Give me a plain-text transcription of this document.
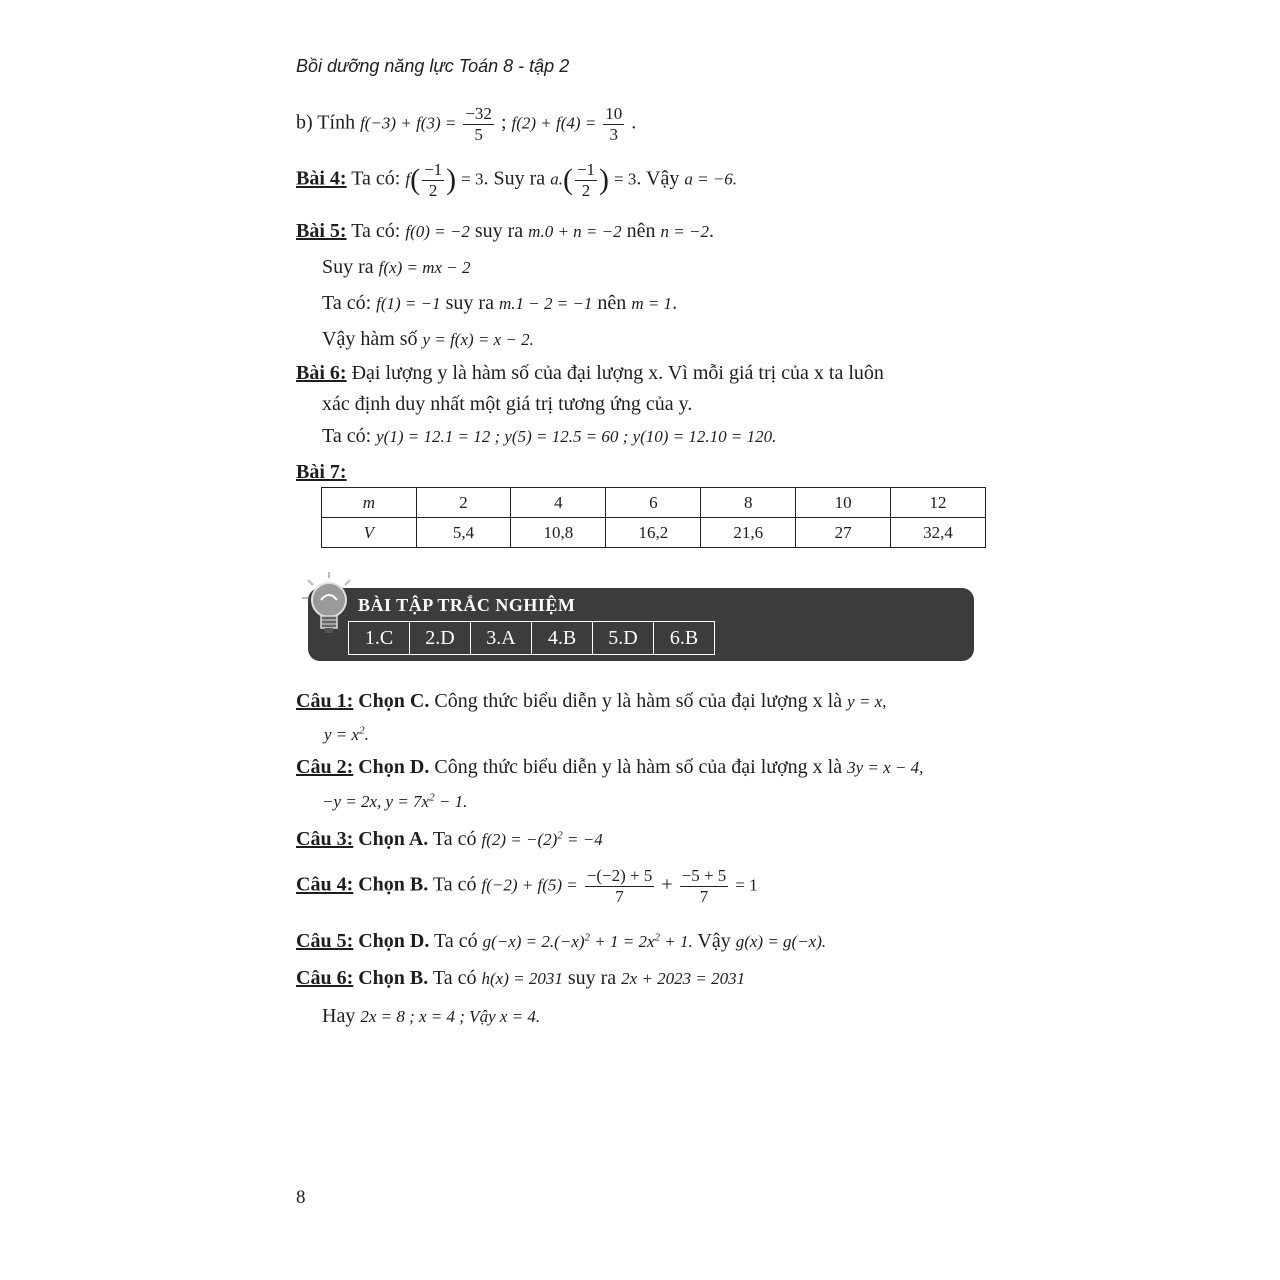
Bồi dưỡng năng lực Toán 8 - tập 2
b) Tính $f(-3) + f(3) = \frac{-32}{5}$ ; $f(2) + f(4) = \frac{10}{3}$ .
Bài 4: Ta có: $f( \frac{-1}{2}$ ) = 3. Suy ra $a.( \frac{-1}{2}$ ) = 3. Vậy a = −6.
Bài 5: Ta có: f(0) = −2 suy ra m.0 + n = −2 nên n = −2.
Suy ra f(x) = mx − 2
Ta có: f(1) = −1 suy ra m.1 − 2 = −1 nên m = 1.
Vậy hàm số y = f(x) = x − 2.
Bài 6: Đại lượng y là hàm số của đại lượng x. Vì mỗi giá trị của x ta luôn
xác định duy nhất một giá trị tương ứng của y.
Ta có: y(1) = 12.1 = 12 ; y(5) = 12.5 = 60 ; y(10) = 12.10 = 120.
Bài 7:
m	2	4	6	8	10	12
V	5,4	10,8	16,2	21,6	27	32,4
BÀI TẬP TRẮC NGHIỆM
1.C	2.D	3.A	4.B	5.D	6.B
Câu 1: Chọn C. Công thức biểu diễn y là hàm số của đại lượng x là y = x,
$y = x^2$.
Câu 2: Chọn D. Công thức biểu diễn y là hàm số của đại lượng x là 3y = x − 4,
−y = 2x, $y = 7x^2 - 1$.
Câu 3: Chọn A. Ta có $f(2) = -(2)^2 = -4$
Câu 4: Chọn B. Ta có $f(-2) + f(5) = \frac{-(-2) + 5}{7} + \frac{-5 + 5}{7} = 1$
Câu 5: Chọn D. Ta có $g(-x) = 2.(-x)^2 + 1 = 2x^2 + 1$. Vậy g(x) = g(−x).
Câu 6: Chọn B. Ta có h(x) = 2031 suy ra 2x + 2023 = 2031
Hay 2x = 8 ; x = 4 ; Vậy x = 4.
8
